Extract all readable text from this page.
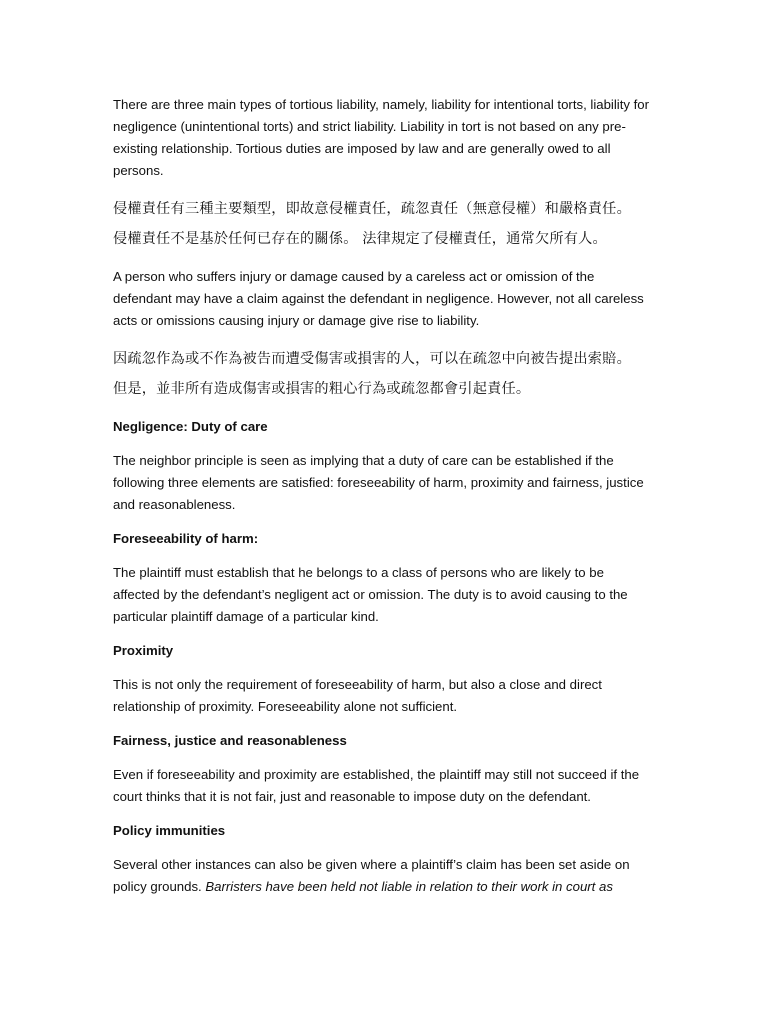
There are three main types of tortious liability, namely, liability for intentional torts, liability for negligence (unintentional torts) and strict liability. Liability in tort is not based on any pre-existing relationship. Tortious duties are imposed by law and are generally owed to all persons.

侵權責任有三種主要類型，即故意侵權責任，疏忽責任（無意侵權）和嚴格責任。

侵權責任不是基於任何已存在的關係。 法律規定了侵權責任，通常欠所有人。

A person who suffers injury or damage caused by a careless act or omission of the defendant may have a claim against the defendant in negligence. However, not all careless acts or omissions causing injury or damage give rise to liability.

因疏忽作為或不作為被告而遭受傷害或損害的人，可以在疏忽中向被告提出索賠。

但是，並非所有造成傷害或損害的粗心行為或疏忽都會引起責任。

Negligence: Duty of care

The neighbor principle is seen as implying that a duty of care can be established if the following three elements are satisfied: foreseeability of harm, proximity and fairness, justice and reasonableness.

Foreseeability of harm:

The plaintiff must establish that he belongs to a class of persons who are likely to be affected by the defendant’s negligent act or omission. The duty is to avoid causing to the particular plaintiff damage of a particular kind.

Proximity

This is not only the requirement of foreseeability of harm, but also a close and direct relationship of proximity. Foreseeability alone not sufficient.

Fairness, justice and reasonableness

Even if foreseeability and proximity are established, the plaintiff may still not succeed if the court thinks that it is not fair, just and reasonable to impose duty on the defendant.

Policy immunities

Several other instances can also be given where a plaintiff’s claim has been set aside on policy grounds. Barristers have been held not liable in relation to their work in court as
